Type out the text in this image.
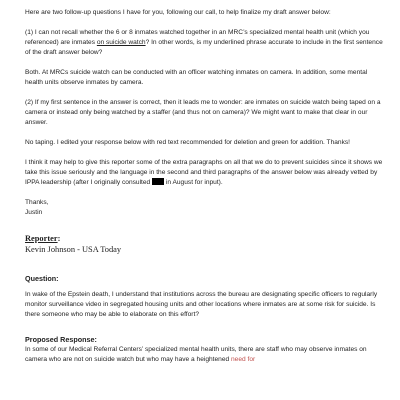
Here are two follow-up questions I have for you, following our call, to help finalize my draft answer below:

(1) I can not recall whether the 6 or 8 inmates watched together in an MRC’s specialized mental health unit (which you referenced) are inmates on suicide watch? In other words, is my underlined phrase accurate to include in the first sentence of the draft answer below?

Both. At MRCs suicide watch can be conducted with an officer watching inmates on camera. In addition, some mental health units observe inmates by camera.

(2) If my first sentence in the answer is correct, then it leads me to wonder: are inmates on suicide watch being taped on a camera or instead only being watched by a staffer (and thus not on camera)? We might want to make that clear in our answer.

No taping. I edited your response below with red text recommended for deletion and green for addition. Thanks!

I think it may help to give this reporter some of the extra paragraphs on all that we do to prevent suicides since it shows we take this issue seriously and the language in the second and third paragraphs of the answer below was already vetted by IPPA leadership (after I originally consulted  in August for input).

Thanks,

Justin

Reporter:

Kevin Johnson - USA Today

Question:

In wake of the Epstein death, I understand that institutions across the bureau are designating specific officers to regularly monitor surveillance video in segregated housing units and other locations where inmates are at some risk for suicide. Is there someone who may be able to elaborate on this effort?

Proposed Response:

In some of our Medical Referral Centers’ specialized mental health units, there are staff who may observe inmates on camera who are not on suicide watch but who may have a heightened need for
